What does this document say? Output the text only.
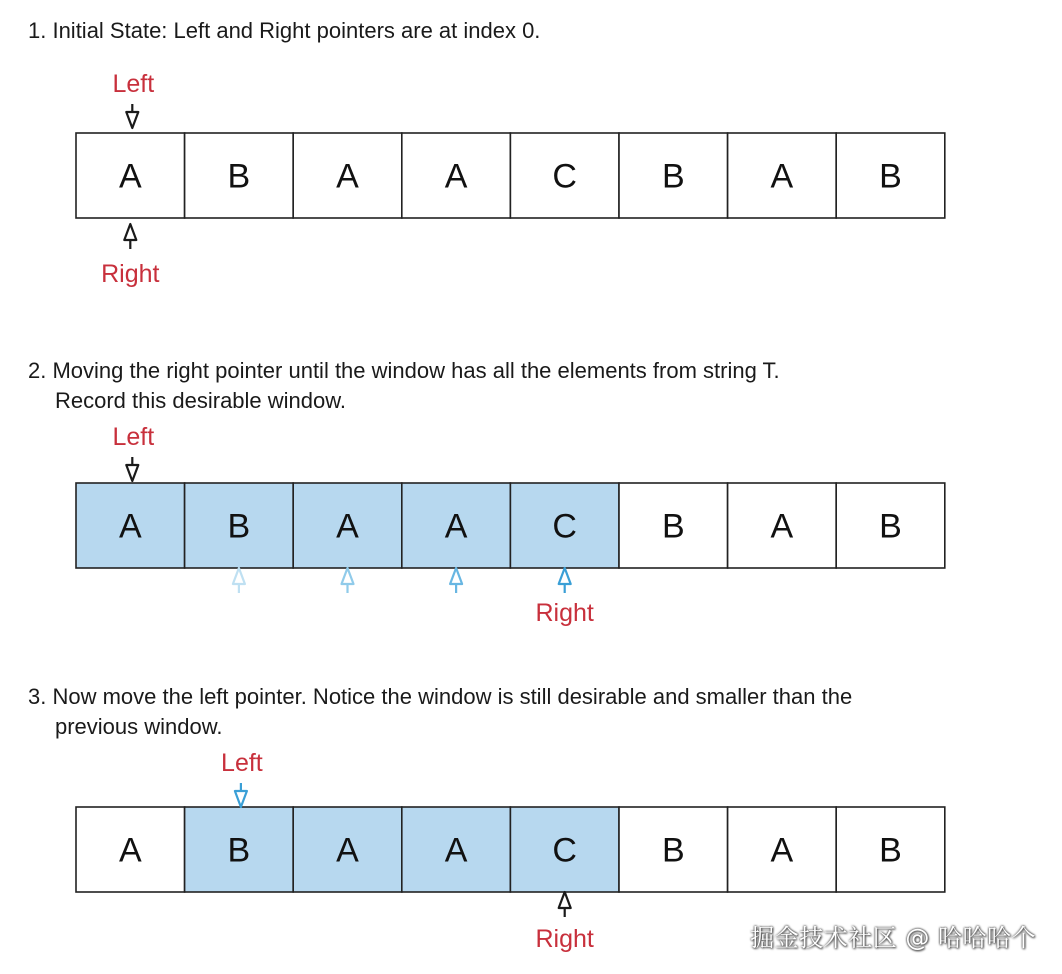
1. Initial State: Left and Right pointers are at index 0.
A	B	A	A C B	A	B
Left
Right
2. Moving the right pointer until the window has all the elements from string T.
Record this desirable window.
A	B	A	A C B	A	B
Left
Right
3. Now move the left pointer. Notice the window is still desirable and smaller than the
previous window.
A	B	A	A C B	A	B
Left
Right	掘金技术社区 @ 哈哈哈个
